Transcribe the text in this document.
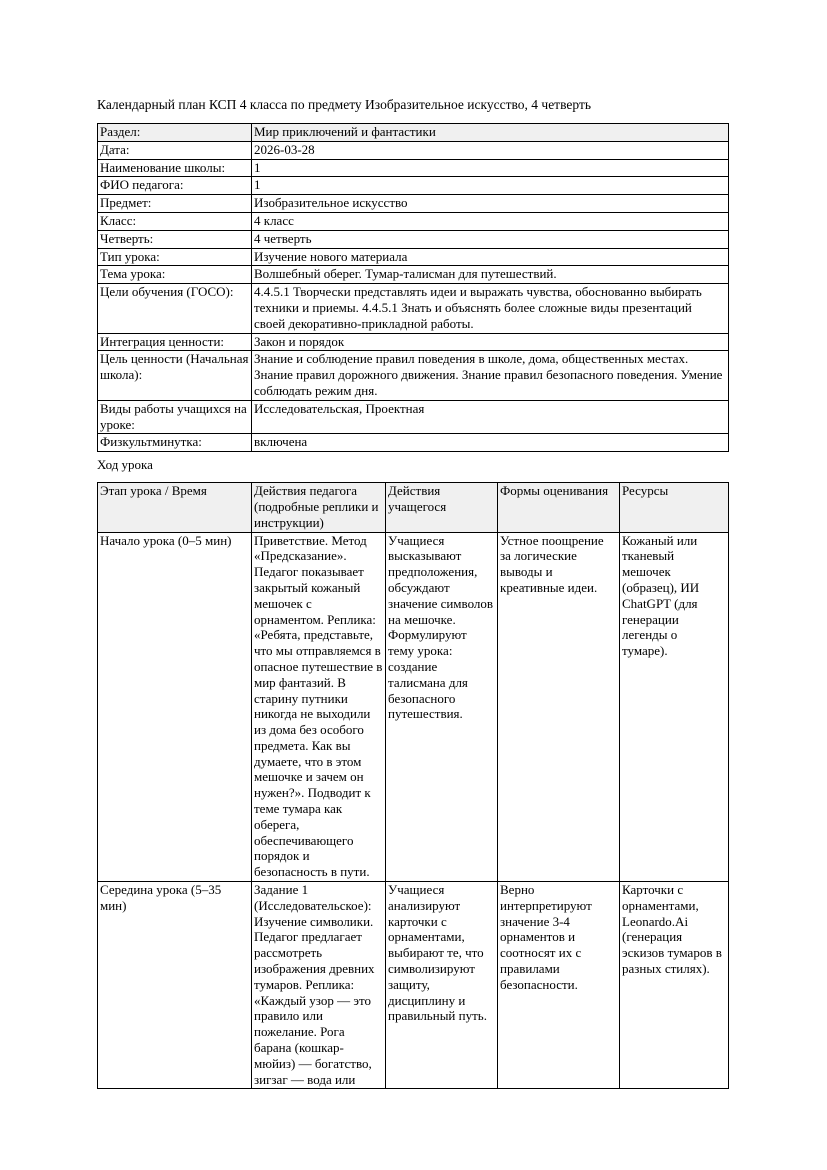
Календарный план КСП 4 класса по предмету Изобразительное искусство, 4 четверть

Раздел:	Мир приключений и фантастики
Дата:	2026-03-28
Наименование школы:	1
ФИО педагога:	1
Предмет:	Изобразительное искусство
Класс:	4 класс
Четверть:	4 четверть
Тип урока:	Изучение нового материала
Тема урока:	Волшебный оберег. Тумар-талисман для путешествий.
Цели обучения (ГОСО):	4.4.5.1 Творчески представлять идеи и выражать чувства, обоснованно выбирать техники и приемы. 4.4.5.1 Знать и объяснять более сложные виды презентаций своей декоративно-прикладной работы.
Интеграция ценности:	Закон и порядок
Цель ценности (Начальная школа):	Знание и соблюдение правил поведения в школе, дома, общественных местах. Знание правил дорожного движения. Знание правил безопасного поведения. Умение соблюдать режим дня.
Виды работы учащихся на уроке:	Исследовательская, Проектная
Физкультминутка:	включена

Ход урока

Этап урока / Время	Действия педагога (подробные реплики и инструкции)	Действия учащегося	Формы оценивания	Ресурсы
Начало урока (0–5 мин)	Приветствие. Метод «Предсказание». Педагог показывает закрытый кожаный мешочек с орнаментом. Реплика: «Ребята, представьте, что мы отправляемся в опасное путешествие в мир фантазий. В старину путники никогда не выходили из дома без особого предмета. Как вы думаете, что в этом мешочке и зачем он нужен?». Подводит к теме тумара как оберега, обеспечивающего порядок и безопасность в пути.	Учащиеся высказывают предположения, обсуждают значение символов на мешочке. Формулируют тему урока: создание талисмана для безопасного путешествия.	Устное поощрение за логические выводы и креативные идеи.	Кожаный или тканевый мешочек (образец), ИИ ChatGPT (для генерации легенды о тумаре).
Середина урока (5–35 мин)	Задание 1 (Исследовательское): Изучение символики. Педагог предлагает рассмотреть изображения древних тумаров. Реплика: «Каждый узор — это правило или пожелание. Рога барана (кошкар-мюйиз) — богатство, зигзаг — вода или	Учащиеся анализируют карточки с орнаментами, выбирают те, что символизируют защиту, дисциплину и правильный путь.	Верно интерпретируют значение 3-4 орнаментов и соотносят их с правилами безопасности.	Карточки с орнаментами, Leonardo.Ai (генерация эскизов тумаров в разных стилях).
